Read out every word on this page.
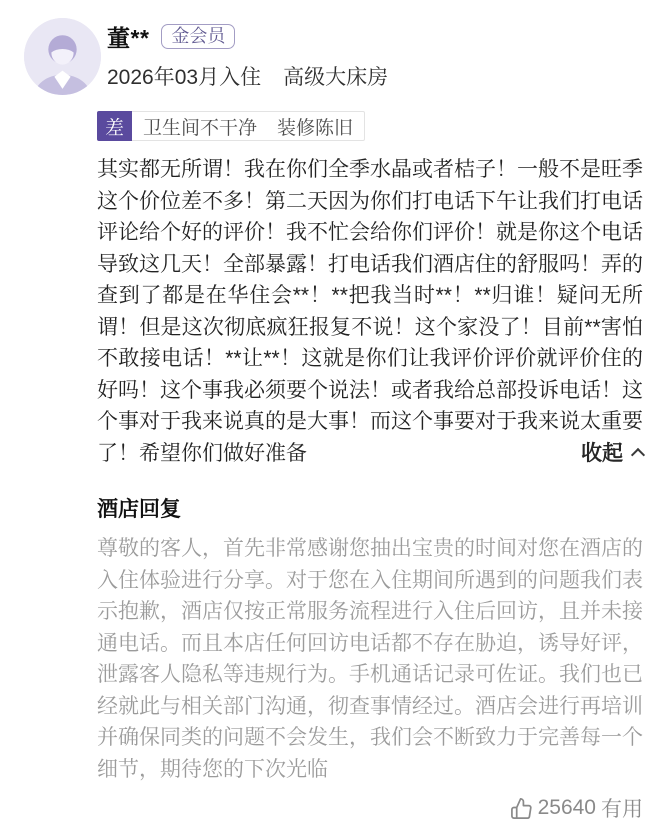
董**	金会员
2026年03月入住 高级大床房
差	卫生间不干净 装修陈旧

其实都无所谓！我在你们全季水晶或者桔子！一般不是旺季这个价位差不多！第二天因为你们打电话下午让我们打电话评论给个好的评价！我不忙会给你们评价！就是你这个电话导致这几天！全部暴露！打电话我们酒店住的舒服吗！弄的查到了都是在华住会**！**把我当时**！**归谁！疑问无所谓！但是这次彻底疯狂报复不说！这个家没了！目前**害怕不敢接电话！**让**！这就是你们让我评价评价就评价住的好吗！这个事我必须要个说法！或者我给总部投诉电话！这个事对于我来说真的是大事！而这个事要对于我来说太重要了！希望你们做好准备	收起
酒店回复

尊敬的客人，首先非常感谢您抽出宝贵的时间对您在酒店的入住体验进行分享。对于您在入住期间所遇到的问题我们表示抱歉，酒店仅按正常服务流程进行入住后回访，且并未接通电话。而且本店任何回访电话都不存在胁迫，诱导好评，泄露客人隐私等违规行为。手机通话记录可佐证。我们也已经就此与相关部门沟通，彻查事情经过。酒店会进行再培训并确保同类的问题不会发生，我们会不断致力于完善每一个细节，期待您的下次光临

25640 有用
